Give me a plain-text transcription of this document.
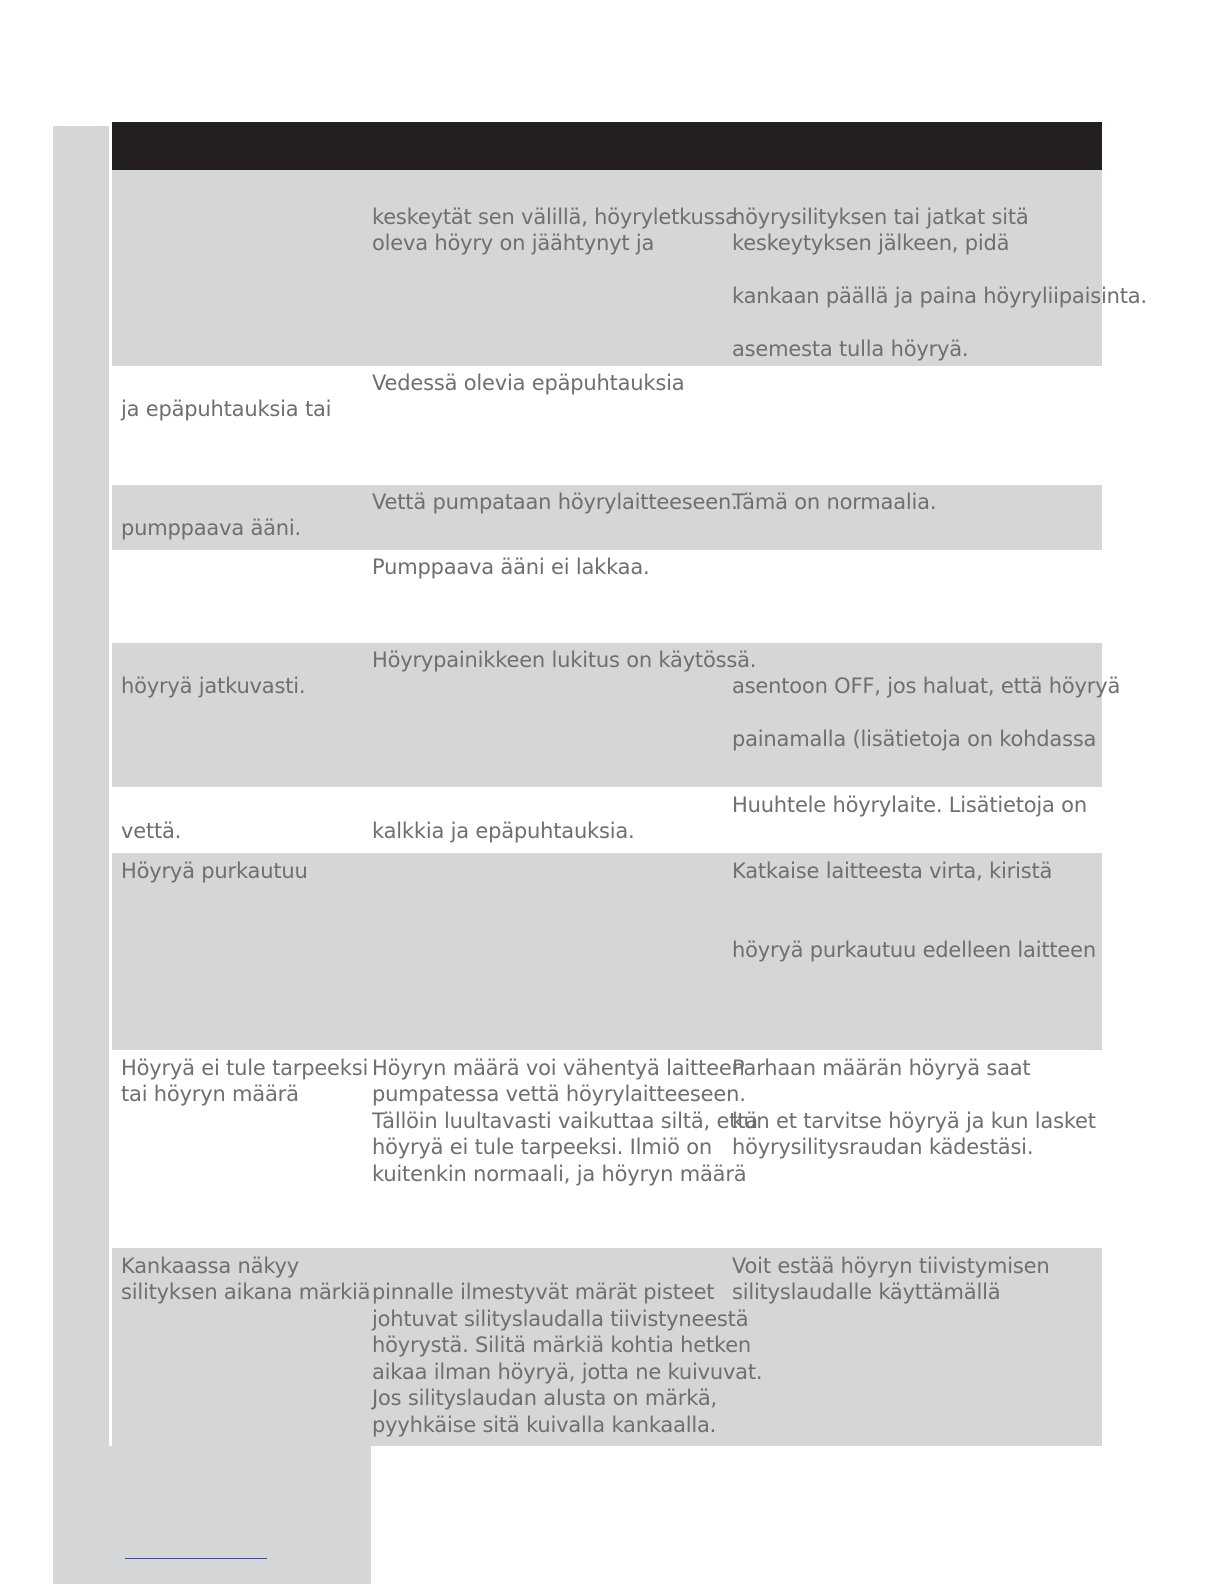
keskeytät sen välillä, höyryletkussa
oleva höyry on jäähtynyt ja
höyrysilityksen tai jatkat sitä
keskeytyksen jälkeen, pidä
kankaan päällä ja paina höyryliipaisinta.
asemesta tulla höyryä.
ja epäpuhtauksia tai
Vedessä olevia epäpuhtauksia
pumppaava ääni.
Vettä pumpataan höyrylaitteeseen.
Tämä on normaalia.
Pumppaava ääni ei lakkaa.
höyryä jatkuvasti.
Höyrypainikkeen lukitus on käytössä.
asentoon OFF, jos haluat, että höyryä
painamalla (lisätietoja on kohdassa
vettä.	kalkkia ja epäpuhtauksia.
Huuhtele höyrylaite. Lisätietoja on
Höyryä purkautuu	Katkaise laitteesta virta, kiristä
höyryä purkautuu edelleen laitteen
Höyryä ei tule tarpeeksi
tai höyryn määrä
Höyryn määrä voi vähentyä laitteen
pumpatessa vettä höyrylaitteeseen.
Tällöin luultavasti vaikuttaa siltä, että
höyryä ei tule tarpeeksi. Ilmiö on
kuitenkin normaali, ja höyryn määrä
Parhaan määrän höyryä saat
kun et tarvitse höyryä ja kun lasket
höyrysilitysraudan kädestäsi.
Kankaassa näkyy
silityksen aikana märkiä pinnalle ilmestyvät märät pisteet
johtuvat silityslaudalla tiivistyneestä
höyrystä. Silitä märkiä kohtia hetken
aikaa ilman höyryä, jotta ne kuivuvat.
Jos silityslaudan alusta on märkä,
pyyhkäise sitä kuivalla kankaalla.
Voit estää höyryn tiivistymisen
silityslaudalle käyttämällä
